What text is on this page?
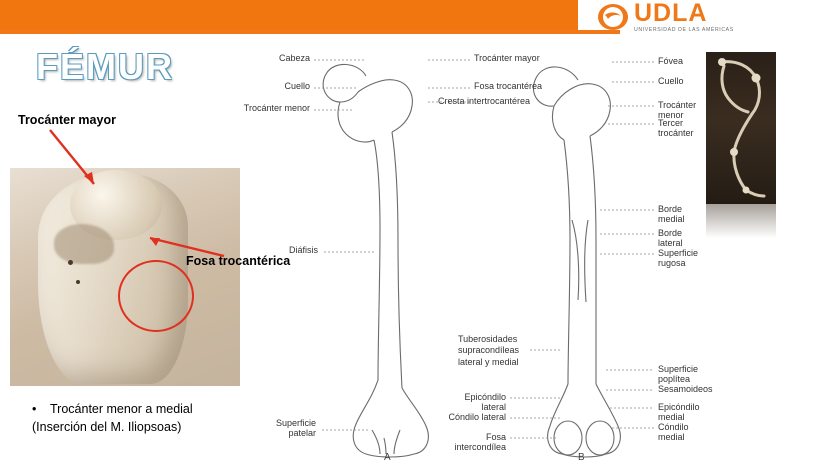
UDLA
UNIVERSIDAD DE LAS AMÉRICAS
FÉMUR
Trocánter mayor
Fosa trocantérica
• Trocánter menor a medial
(Inserción del M. Iliopsoas)
Cabeza
Cuello
Trocánter menor
Diáfisis
Superficie patelar
Trocánter mayor
Fosa trocantérea
Cresta intertrocantérea
Tuberosidades supracondíleas lateral y medial
Epicóndilo lateral
Cóndilo lateral
Fosa intercondílea
Fóvea
Cuello
Trocánter menor
Tercer trocánter
Borde medial
Borde lateral
Superficie rugosa
Superficie poplítea
Sesamoideos
Epicóndilo medial
Cóndilo medial
A	B
